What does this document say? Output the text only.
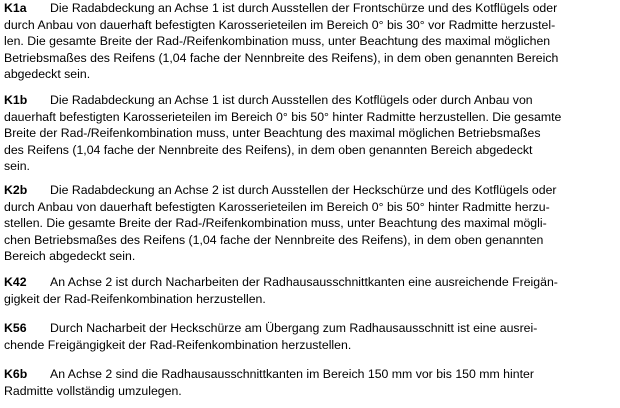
K1a Die Radabdeckung an Achse 1 ist durch Ausstellen der Frontschürze und des Kotflügels oder
durch Anbau von dauerhaft befestigten Karosserieteilen im Bereich 0° bis 30° vor Radmitte herzustel-
len. Die gesamte Breite der Rad-/Reifenkombination muss, unter Beachtung des maximal möglichen
Betriebsmaßes des Reifens (1,04 fache der Nennbreite des Reifens), in dem oben genannten Bereich
abgedeckt sein.
K1b Die Radabdeckung an Achse 1 ist durch Ausstellen des Kotflügels oder durch Anbau von
dauerhaft befestigten Karosserieteilen im Bereich 0° bis 50° hinter Radmitte herzustellen. Die gesamte
Breite der Rad-/Reifenkombination muss, unter Beachtung des maximal möglichen Betriebsmaßes
des Reifens (1,04 fache der Nennbreite des Reifens), in dem oben genannten Bereich abgedeckt
sein.
K2b Die Radabdeckung an Achse 2 ist durch Ausstellen der Heckschürze und des Kotflügels oder
durch Anbau von dauerhaft befestigten Karosserieteilen im Bereich 0° bis 50° hinter Radmitte herzu-
stellen. Die gesamte Breite der Rad-/Reifenkombination muss, unter Beachtung des maximal mögli-
chen Betriebsmaßes des Reifens (1,04 fache der Nennbreite des Reifens), in dem oben genannten
Bereich abgedeckt sein.
K42 An Achse 2 ist durch Nacharbeiten der Radhausausschnittkanten eine ausreichende Freigän-
gigkeit der Rad-Reifenkombination herzustellen.
K56 Durch Nacharbeit der Heckschürze am Übergang zum Radhausausschnitt ist eine ausrei-
chende Freigängigkeit der Rad-Reifenkombination herzustellen.
K6b An Achse 2 sind die Radhausausschnittkanten im Bereich 150 mm vor bis 150 mm hinter
Radmitte vollständig umzulegen.
